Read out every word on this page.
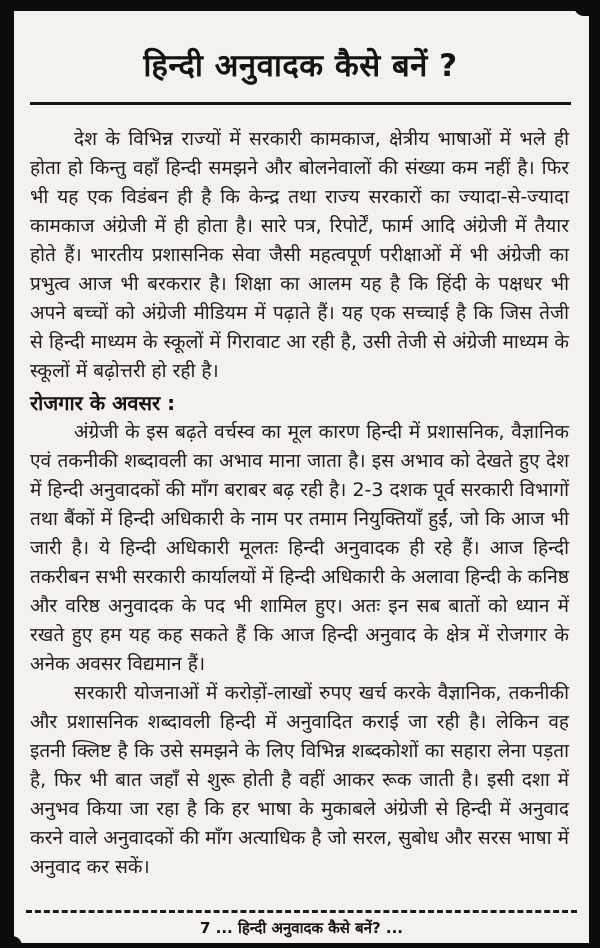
हिन्दी अनुवादक कैसे बनें ?

देश के विभिन्न राज्यों में सरकारी कामकाज, क्षेत्रीय भाषाओं में भले ही होता हो किन्तु वहाँ हिन्दी समझने और बोलनेवालों की संख्या कम नहीं है। फिर भी यह एक विडंबन ही है कि केन्द्र तथा राज्य सरकारों का ज्यादा-से-ज्यादा कामकाज अंग्रेजी में ही होता है। सारे पत्र, रिपोर्टें, फार्म आदि अंग्रेजी में तैयार होते हैं। भारतीय प्रशासनिक सेवा जैसी महत्वपूर्ण परीक्षाओं में भी अंग्रेजी का प्रभुत्व आज भी बरकरार है। शिक्षा का आलम यह है कि हिंदी के पक्षधर भी अपने बच्चों को अंग्रेजी मीडियम में पढ़ाते हैं। यह एक सच्चाई है कि जिस तेजी से हिन्दी माध्यम के स्कूलों में गिरावाट आ रही है, उसी तेजी से अंग्रेजी माध्यम के स्कूलों में बढ़ोत्तरी हो रही है।

रोजगार के अवसर :

अंग्रेजी के इस बढ़ते वर्चस्व का मूल कारण हिन्दी में प्रशासनिक, वैज्ञानिक एवं तकनीकी शब्दावली का अभाव माना जाता है। इस अभाव को देखते हुए देश में हिन्दी अनुवादकों की माँग बराबर बढ़ रही है। 2-3 दशक पूर्व सरकारी विभागों तथा बैंकों में हिन्दी अधिकारी के नाम पर तमाम नियुक्तियाँ हुईं, जो कि आज भी जारी है। ये हिन्दी अधिकारी मूलतः हिन्दी अनुवादक ही रहे हैं। आज हिन्दी तकरीबन सभी सरकारी कार्यालयों में हिन्दी अधिकारी के अलावा हिन्दी के कनिष्ठ और वरिष्ठ अनुवादक के पद भी शामिल हुए। अतः इन सब बातों को ध्यान में रखते हुए हम यह कह सकते हैं कि आज हिन्दी अनुवाद के क्षेत्र में रोजगार के अनेक अवसर विद्यमान हैं।

सरकारी योजनाओं में करोड़ों-लाखों रुपए खर्च करके वैज्ञानिक, तकनीकी और प्रशासनिक शब्दावली हिन्दी में अनुवादित कराई जा रही है। लेकिन वह इतनी क्लिष्ट है कि उसे समझने के लिए विभिन्न शब्दकोशों का सहारा लेना पड़ता है, फिर भी बात जहाँ से शुरू होती है वहीं आकर रूक जाती है। इसी दशा में अनुभव किया जा रहा है कि हर भाषा के मुकाबले अंग्रेजी से हिन्दी में अनुवाद करने वाले अनुवादकों की माँग अत्याधिक है जो सरल, सुबोध और सरस भाषा में अनुवाद कर सकें।

7 ... हिन्दी अनुवादक कैसे बनें? ...
